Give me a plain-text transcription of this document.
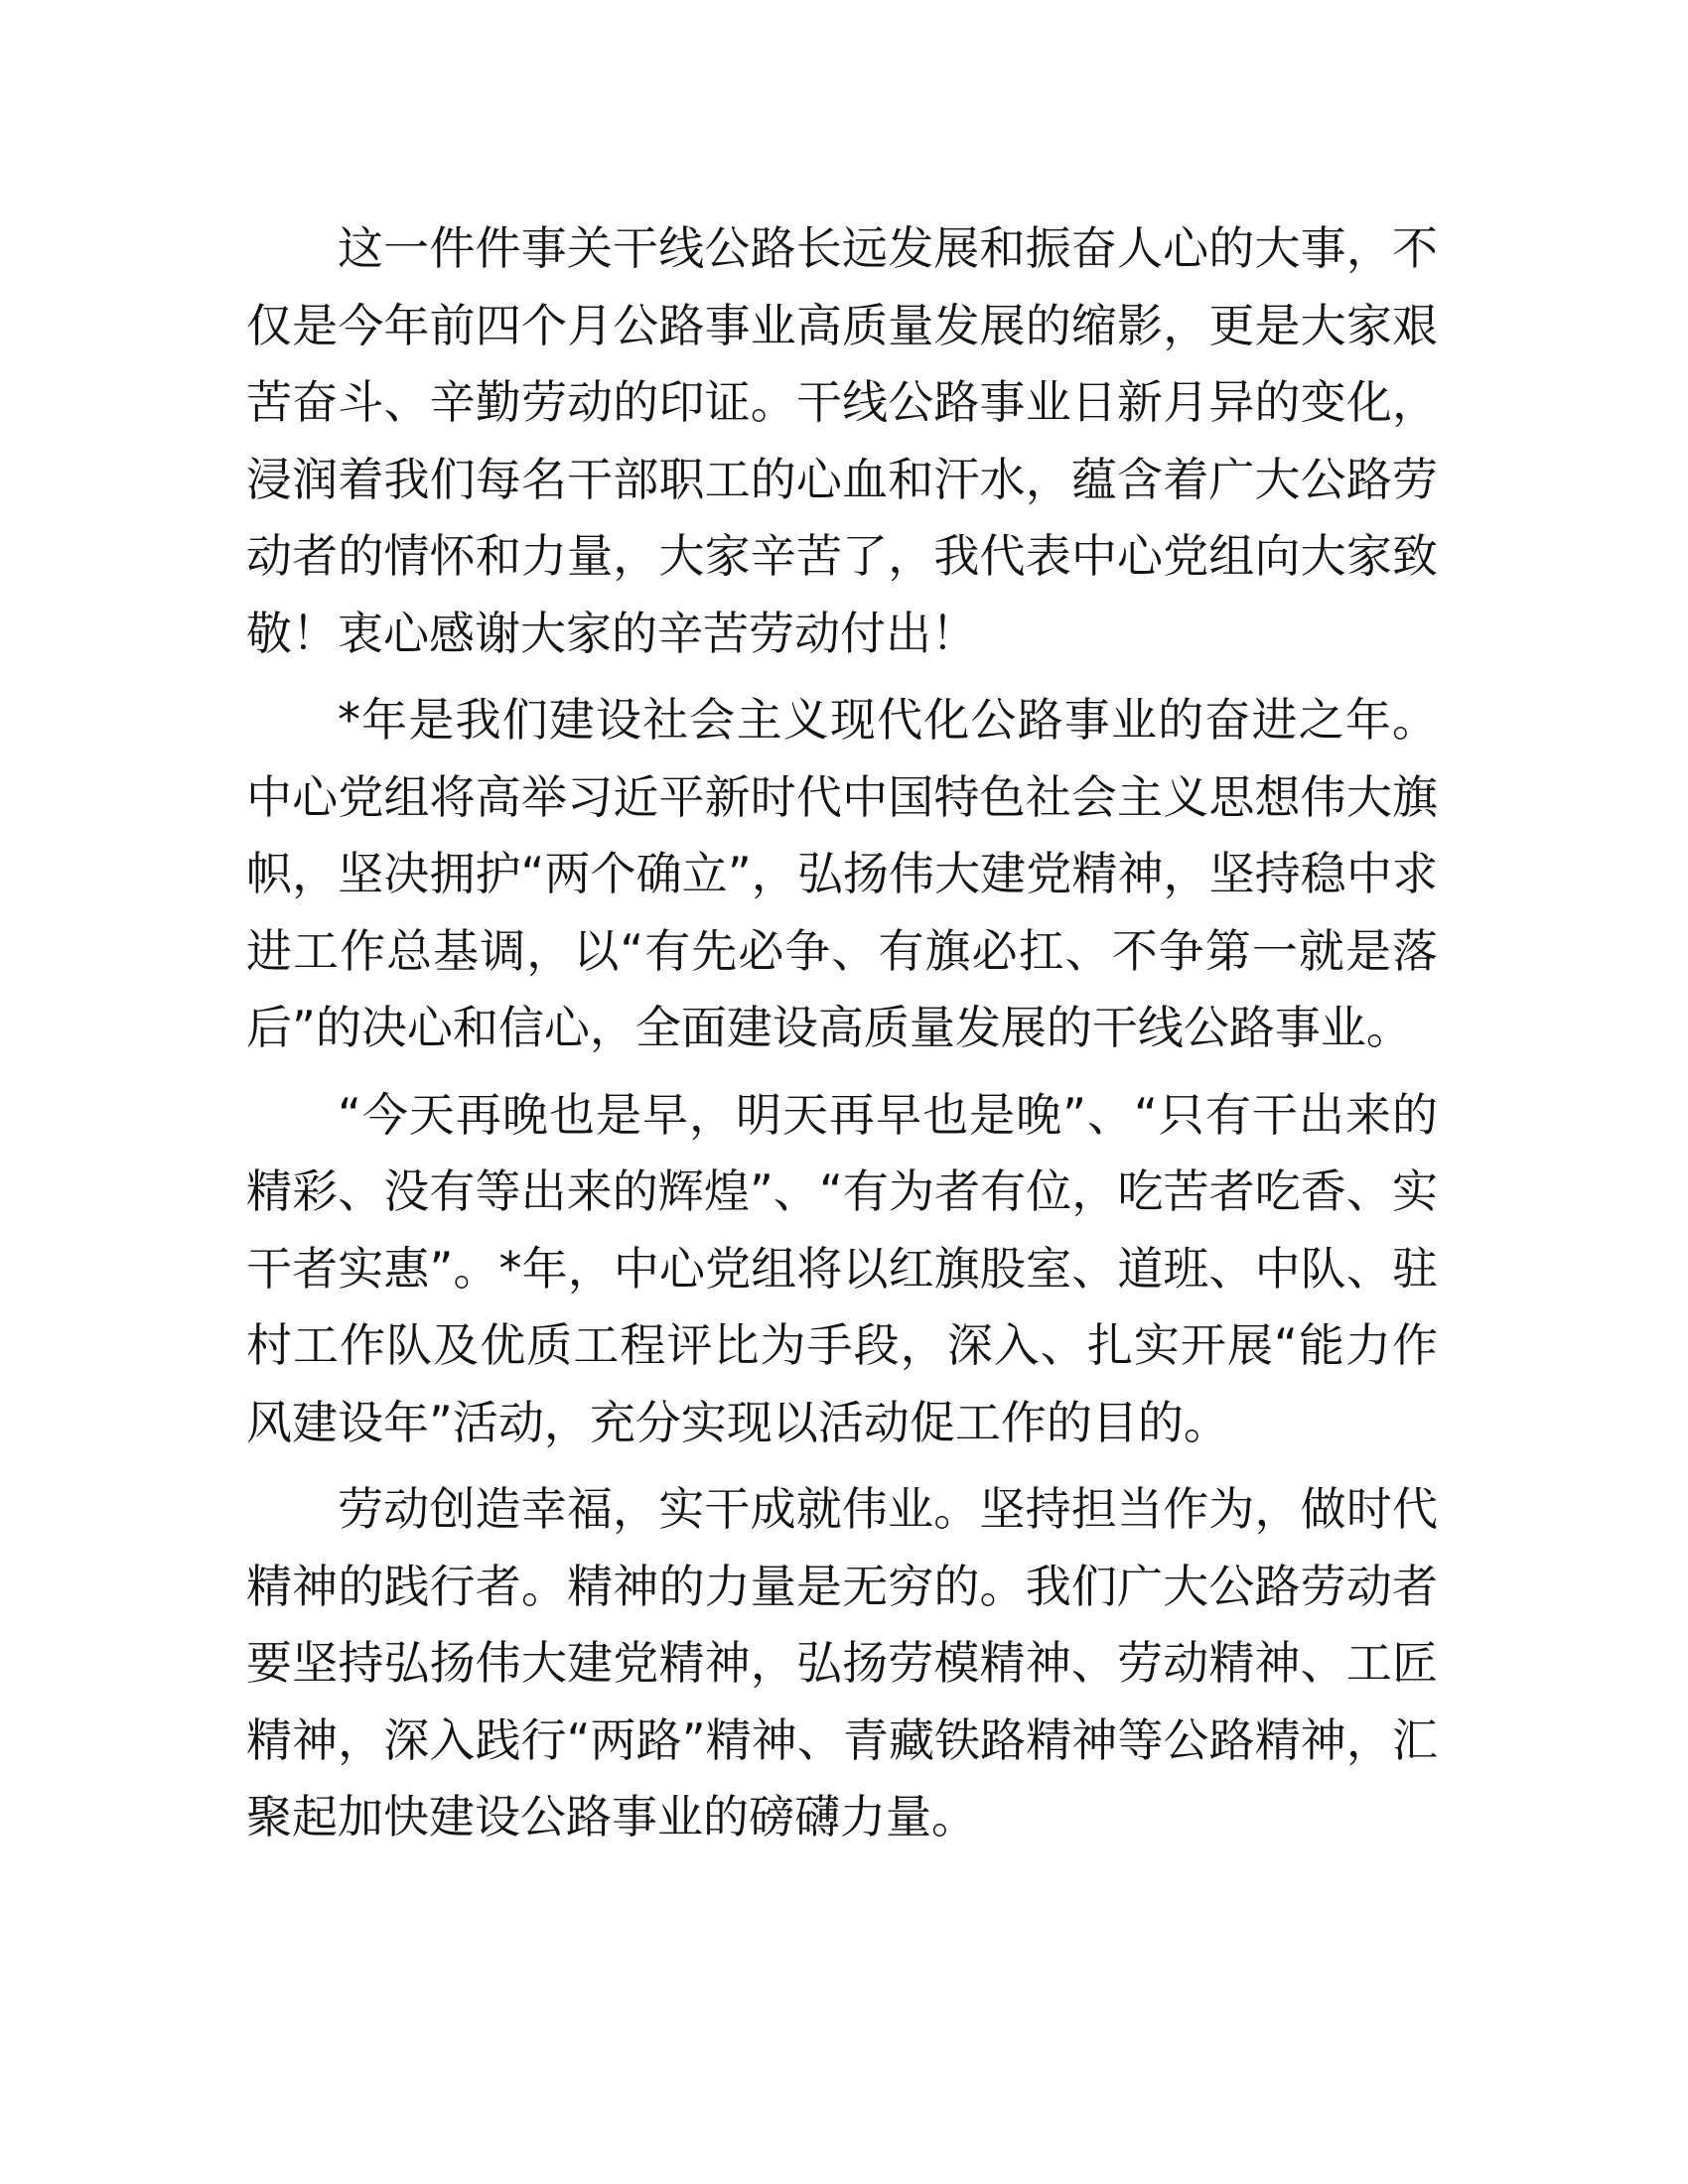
这一件件事关干线公路长远发展和振奋人心的大事，不仅是今年前四个月公路事业高质量发展的缩影，更是大家艰苦奋斗、辛勤劳动的印证。干线公路事业日新月异的变化，浸润着我们每名干部职工的心血和汗水，蕴含着广大公路劳动者的情怀和力量，大家辛苦了，我代表中心党组向大家致敬！衷心感谢大家的辛苦劳动付出！

*年是我们建设社会主义现代化公路事业的奋进之年。中心党组将高举习近平新时代中国特色社会主义思想伟大旗帜，坚决拥护“两个确立”，弘扬伟大建党精神，坚持稳中求进工作总基调，以“有先必争、有旗必扛、不争第一就是落后”的决心和信心，全面建设高质量发展的干线公路事业。

“今天再晚也是早，明天再早也是晚”、“只有干出来的精彩、没有等出来的辉煌”、“有为者有位，吃苦者吃香、实干者实惠”。*年，中心党组将以红旗股室、道班、中队、驻村工作队及优质工程评比为手段，深入、扎实开展“能力作风建设年”活动，充分实现以活动促工作的目的。

劳动创造幸福，实干成就伟业。坚持担当作为，做时代精神的践行者。精神的力量是无穷的。我们广大公路劳动者要坚持弘扬伟大建党精神，弘扬劳模精神、劳动精神、工匠精神，深入践行“两路”精神、青藏铁路精神等公路精神，汇聚起加快建设公路事业的磅礴力量。
